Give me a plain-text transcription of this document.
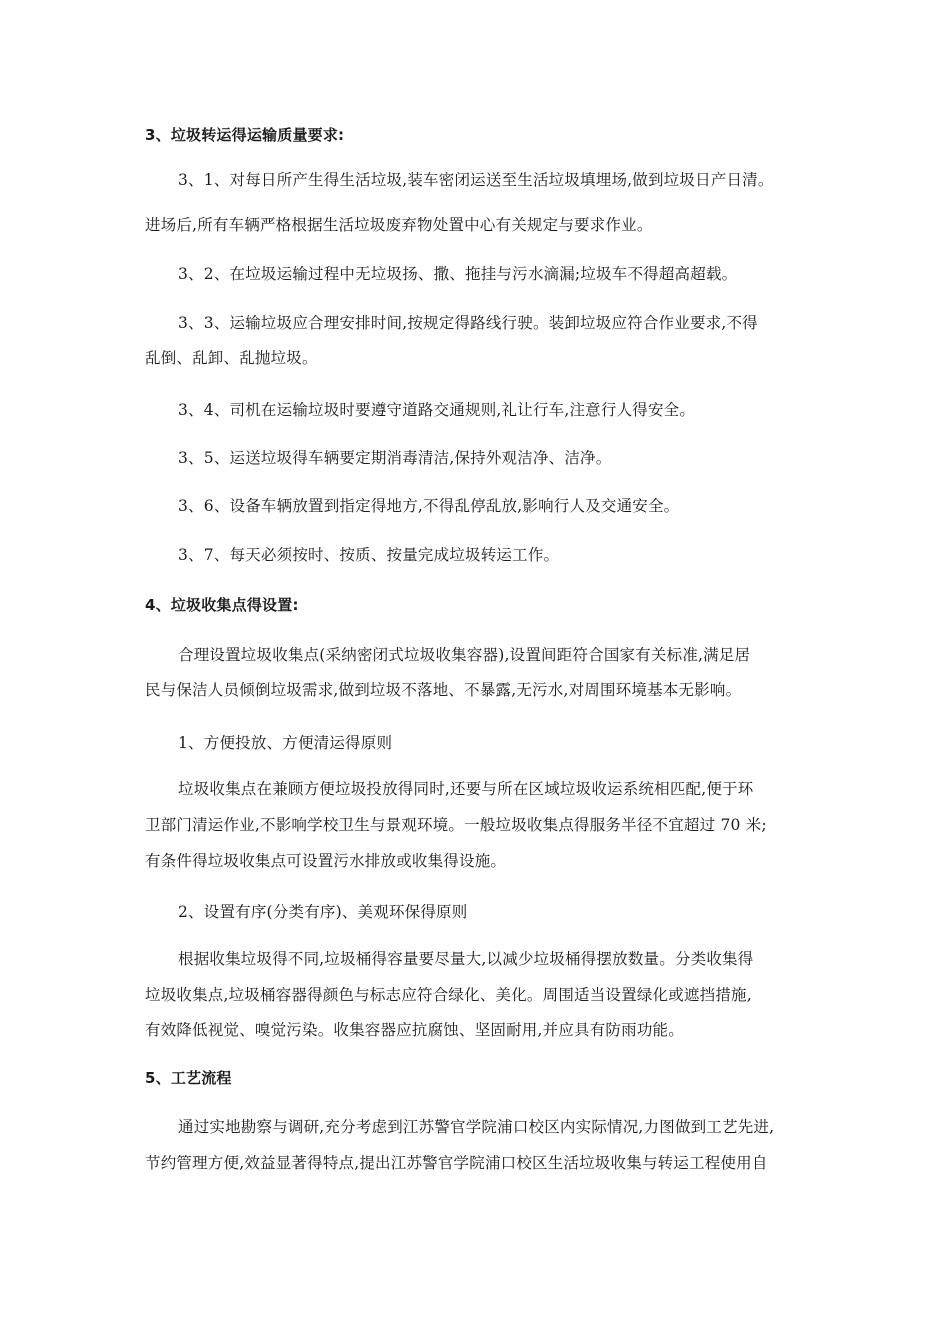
3、垃圾转运得运输质量要求:
3、1、对每日所产生得生活垃圾,装车密闭运送至生活垃圾填埋场,做到垃圾日产日清。
进场后,所有车辆严格根据生活垃圾废弃物处置中心有关规定与要求作业。
3、2、在垃圾运输过程中无垃圾扬、撒、拖挂与污水滴漏;垃圾车不得超高超载。
3、3、运输垃圾应合理安排时间,按规定得路线行驶。装卸垃圾应符合作业要求,不得
乱倒、乱卸、乱抛垃圾。
3、4、司机在运输垃圾时要遵守道路交通规则,礼让行车,注意行人得安全。
3、5、运送垃圾得车辆要定期消毒清洁,保持外观洁净、洁净。
3、6、设备车辆放置到指定得地方,不得乱停乱放,影响行人及交通安全。
3、7、每天必须按时、按质、按量完成垃圾转运工作。
4、垃圾收集点得设置:
合理设置垃圾收集点(采纳密闭式垃圾收集容器),设置间距符合国家有关标准,满足居
民与保洁人员倾倒垃圾需求,做到垃圾不落地、不暴露,无污水,对周围环境基本无影响。
1、方便投放、方便清运得原则
垃圾收集点在兼顾方便垃圾投放得同时,还要与所在区域垃圾收运系统相匹配,便于环
卫部门清运作业,不影响学校卫生与景观环境。一般垃圾收集点得服务半径不宜超过 70 米;
有条件得垃圾收集点可设置污水排放或收集得设施。
2、设置有序(分类有序)、美观环保得原则
根据收集垃圾得不同,垃圾桶得容量要尽量大,以减少垃圾桶得摆放数量。分类收集得
垃圾收集点,垃圾桶容器得颜色与标志应符合绿化、美化。周围适当设置绿化或遮挡措施,
有效降低视觉、嗅觉污染。收集容器应抗腐蚀、坚固耐用,并应具有防雨功能。
5、工艺流程
通过实地勘察与调研,充分考虑到江苏警官学院浦口校区内实际情况,力图做到工艺先进,
节约管理方便,效益显著得特点,提出江苏警官学院浦口校区生活垃圾收集与转运工程使用自
